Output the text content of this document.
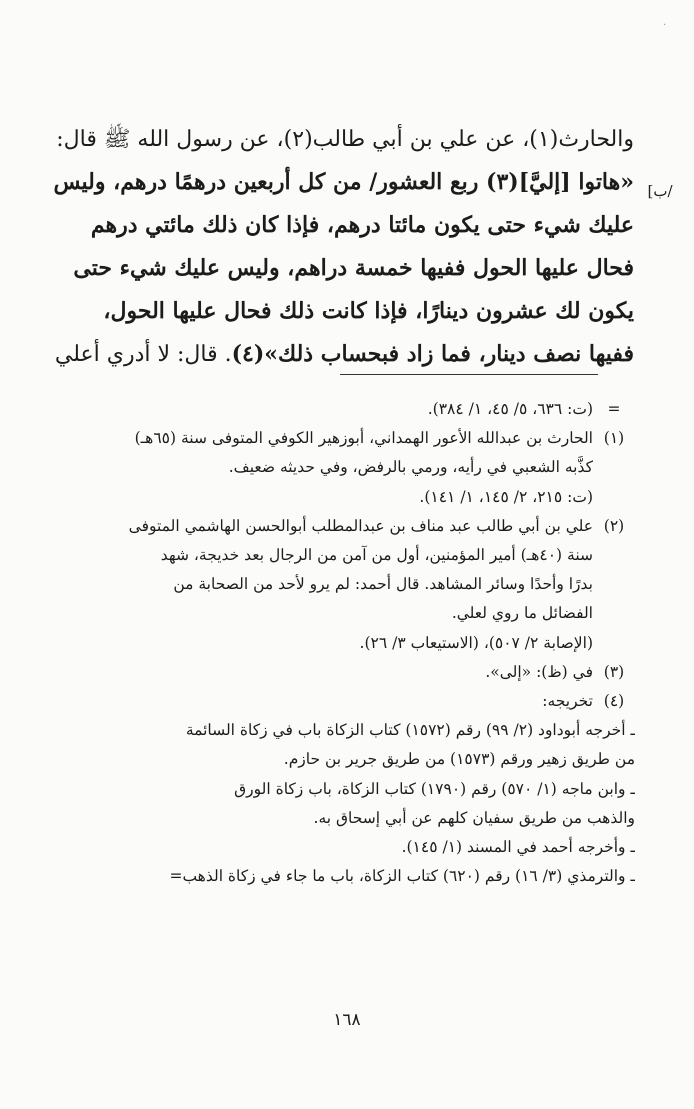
·
/ب]

والحارث(١)، عن علي بن أبي طالب(٢)، عن رسول الله ﷺ قال:

«هاتوا [إليَّ](٣) ربع العشور/ من كل أربعين درهمًا درهم، وليس

عليك شيء حتى يكون مائتا درهم، فإذا كان ذلك مائتي درهم

فحال عليها الحول ففيها خمسة دراهم، وليس عليك شيء حتى

يكون لك عشرون دينارًا، فإذا كانت ذلك فحال عليها الحول،

ففيها نصف دينار، فما زاد فبحساب ذلك»(٤). قال: لا أدري أعلي

=
(ت: ٦٣٦، ٥/ ٤٥، ١/ ٣٨٤).
(١)
الحارث بن عبدالله الأعور الهمداني، أبوزهير الكوفي المتوفى سنة (٦٥هـ)
كذَّبه الشعبي في رأيه، ورمي بالرفض، وفي حديثه ضعيف.
(ت: ٢١٥، ٢/ ١٤٥، ١/ ١٤١).
(٢)
علي بن أبي طالب عبد مناف بن عبدالمطلب أبوالحسن الهاشمي المتوفى
سنة (٤٠هـ) أمير المؤمنين، أول من آمن من الرجال بعد خديجة، شهد
بدرًا وأحدًا وسائر المشاهد. قال أحمد: لم يرو لأحد من الصحابة من
الفضائل ما روي لعلي.
(الإصابة ٢/ ٥٠٧)، (الاستيعاب ٣/ ٢٦).
(٣)
في (ظ): «إلى».
(٤)
تخريجه:
ـ أخرجه أبوداود (٢/ ٩٩) رقم (١٥٧٢) كتاب الزكاة باب في زكاة السائمة
من طريق زهير ورقم (١٥٧٣) من طريق جرير بن حازم.
ـ وابن ماجه (١/ ٥٧٠) رقم (١٧٩٠) كتاب الزكاة، باب زكاة الورق
والذهب من طريق سفيان كلهم عن أبي إسحاق به.
ـ وأخرجه أحمد في المسند (١/ ١٤٥).
ـ والترمذي (٣/ ١٦) رقم (٦٢٠) كتاب الزكاة، باب ما جاء في زكاة الذهب=
١٦٨
